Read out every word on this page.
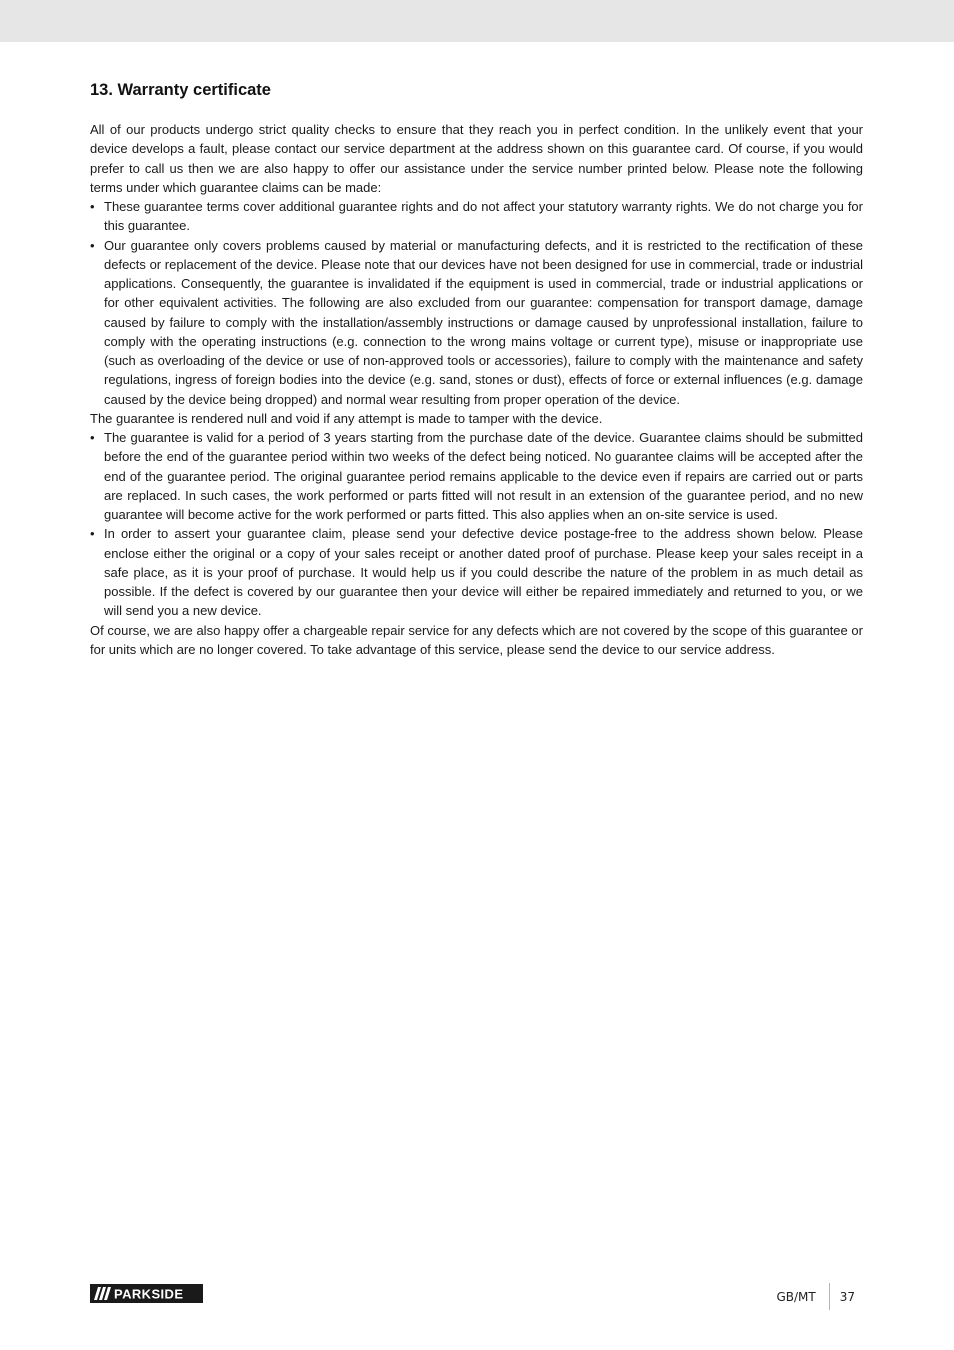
13. Warranty certificate

All of our products undergo strict quality checks to ensure that they reach you in perfect condition. In the unlikely event that your device develops a fault, please contact our service department at the address shown on this guarantee card. Of course, if you would prefer to call us then we are also happy to offer our assistance under the service number printed below. Please note the following terms under which guarantee claims can be made:

• These guarantee terms cover additional guarantee rights and do not affect your statutory warranty rights. We do not charge you for this guarantee.
• Our guarantee only covers problems caused by material or manufacturing defects, and it is restricted to the rectification of these defects or replacement of the device. Please note that our devices have not been designed for use in commercial, trade or industrial applications. Consequently, the guarantee is invalidated if the equipment is used in commercial, trade or industrial applications or for other equivalent activities. The following are also excluded from our guarantee: compensation for transport damage, damage caused by failure to comply with the installation/assembly instructions or damage caused by unprofessional installation, failure to comply with the operating instructions (e.g. connection to the wrong mains voltage or current type), misuse or inappropriate use (such as overloading of the device or use of non-approved tools or accessories), failure to comply with the maintenance and safety regulations, ingress of foreign bodies into the device (e.g. sand, stones or dust), effects of force or external influences (e.g. damage caused by the device being dropped) and normal wear resulting from proper operation of the device.

The guarantee is rendered null and void if any attempt is made to tamper with the device.

• The guarantee is valid for a period of 3 years starting from the purchase date of the device. Guarantee claims should be submitted before the end of the guarantee period within two weeks of the defect being noticed. No guarantee claims will be accepted after the end of the guarantee period. The original guarantee period remains applicable to the device even if repairs are carried out or parts are replaced. In such cases, the work performed or parts fitted will not result in an extension of the guarantee period, and no new guarantee will become active for the work performed or parts fitted. This also applies when an on-site service is used.
• In order to assert your guarantee claim, please send your defective device postage-free to the address shown below. Please enclose either the original or a copy of your sales receipt or another dated proof of purchase. Please keep your sales receipt in a safe place, as it is your proof of purchase. It would help us if you could describe the nature of the problem in as much detail as possible. If the defect is covered by our guarantee then your device will either be repaired immediately and returned to you, or we will send you a new device.

Of course, we are also happy offer a chargeable repair service for any defects which are not covered by the scope of this guarantee or for units which are no longer covered. To take advantage of this service, please send the device to our service address.

PARKSIDE	GB/MT 37
